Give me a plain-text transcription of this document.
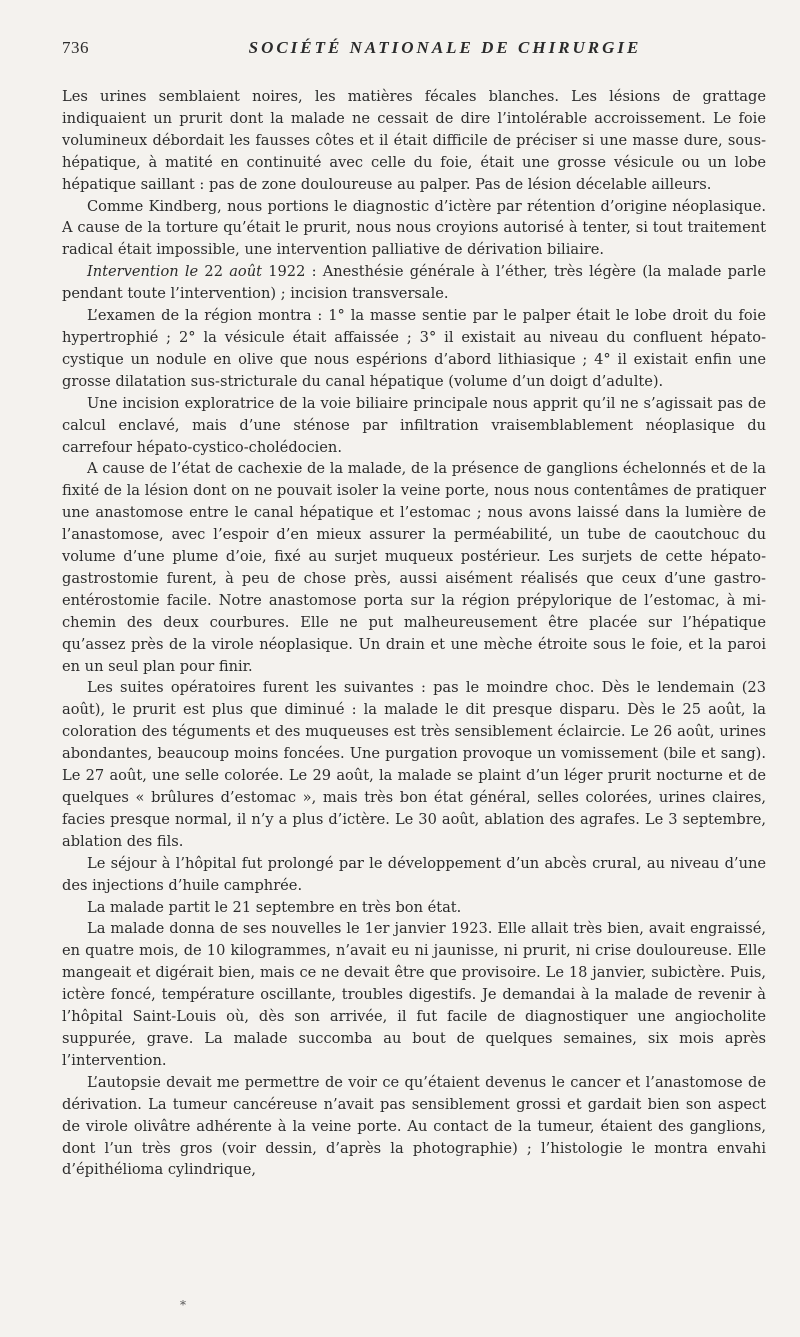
736	SOCIÉTÉ NATIONALE DE CHIRURGIE

Les urines semblaient noires, les matières fécales blanches. Les lésions de grattage indiquaient un prurit dont la malade ne cessait de dire l’intolérable accroissement. Le foie volumineux débordait les fausses côtes et il était difficile de préciser si une masse dure, sous-hépatique, à matité en continuité avec celle du foie, était une grosse vésicule ou un lobe hépatique saillant : pas de zone douloureuse au palper. Pas de lésion décelable ailleurs.

Comme Kindberg, nous portions le diagnostic d’ictère par rétention d’origine néoplasique. A cause de la torture qu’était le prurit, nous nous croyions autorisé à tenter, si tout traitement radical était impossible, une intervention palliative de dérivation biliaire.

Intervention le 22 août 1922 : Anesthésie générale à l’éther, très légère (la malade parle pendant toute l’intervention) ; incision transversale.

L’examen de la région montra : 1° la masse sentie par le palper était le lobe droit du foie hypertrophié ; 2° la vésicule était affaissée ; 3° il existait au niveau du confluent hépato-cystique un nodule en olive que nous espérions d’abord lithiasique ; 4° il existait enfin une grosse dilatation sus-stricturale du canal hépatique (volume d’un doigt d’adulte).

Une incision exploratrice de la voie biliaire principale nous apprit qu’il ne s’agissait pas de calcul enclavé, mais d’une sténose par infiltration vraisemblablement néoplasique du carrefour hépato-cystico-cholédocien.

A cause de l’état de cachexie de la malade, de la présence de ganglions échelonnés et de la fixité de la lésion dont on ne pouvait isoler la veine porte, nous nous contentâmes de pratiquer une anastomose entre le canal hépatique et l’estomac ; nous avons laissé dans la lumière de l’anastomose, avec l’espoir d’en mieux assurer la perméabilité, un tube de caoutchouc du volume d’une plume d’oie, fixé au surjet muqueux postérieur. Les surjets de cette hépato-gastrostomie furent, à peu de chose près, aussi aisément réalisés que ceux d’une gastro-entérostomie facile. Notre anastomose porta sur la région prépylorique de l’estomac, à mi-chemin des deux courbures. Elle ne put malheureusement être placée sur l’hépatique qu’assez près de la virole néoplasique. Un drain et une mèche étroite sous le foie, et la paroi en un seul plan pour finir.

Les suites opératoires furent les suivantes : pas le moindre choc. Dès le lendemain (23 août), le prurit est plus que diminué : la malade le dit presque disparu. Dès le 25 août, la coloration des téguments et des muqueuses est très sensiblement éclaircie. Le 26 août, urines abondantes, beaucoup moins foncées. Une purgation provoque un vomissement (bile et sang). Le 27 août, une selle colorée. Le 29 août, la malade se plaint d’un léger prurit nocturne et de quelques « brûlures d’estomac », mais très bon état général, selles colorées, urines claires, facies presque normal, il n’y a plus d’ictère. Le 30 août, ablation des agrafes. Le 3 septembre, ablation des fils.

Le séjour à l’hôpital fut prolongé par le développement d’un abcès crural, au niveau d’une des injections d’huile camphrée.

La malade partit le 21 septembre en très bon état.

La malade donna de ses nouvelles le 1er janvier 1923. Elle allait très bien, avait engraissé, en quatre mois, de 10 kilogrammes, n’avait eu ni jaunisse, ni prurit, ni crise douloureuse. Elle mangeait et digérait bien, mais ce ne devait être que provisoire. Le 18 janvier, subictère. Puis, ictère foncé, température oscillante, troubles digestifs. Je demandai à la malade de revenir à l’hôpital Saint-Louis où, dès son arrivée, il fut facile de diagnostiquer une angiocholite suppurée, grave. La malade succomba au bout de quelques semaines, six mois après l’intervention.

L’autopsie devait me permettre de voir ce qu’étaient devenus le cancer et l’anastomose de dérivation. La tumeur cancéreuse n’avait pas sensiblement grossi et gardait bien son aspect de virole olivâtre adhérente à la veine porte. Au contact de la tumeur, étaient des ganglions, dont l’un très gros (voir dessin, d’après la photographie) ; l’histologie le montra envahi d’épithélioma cylindrique,

*
